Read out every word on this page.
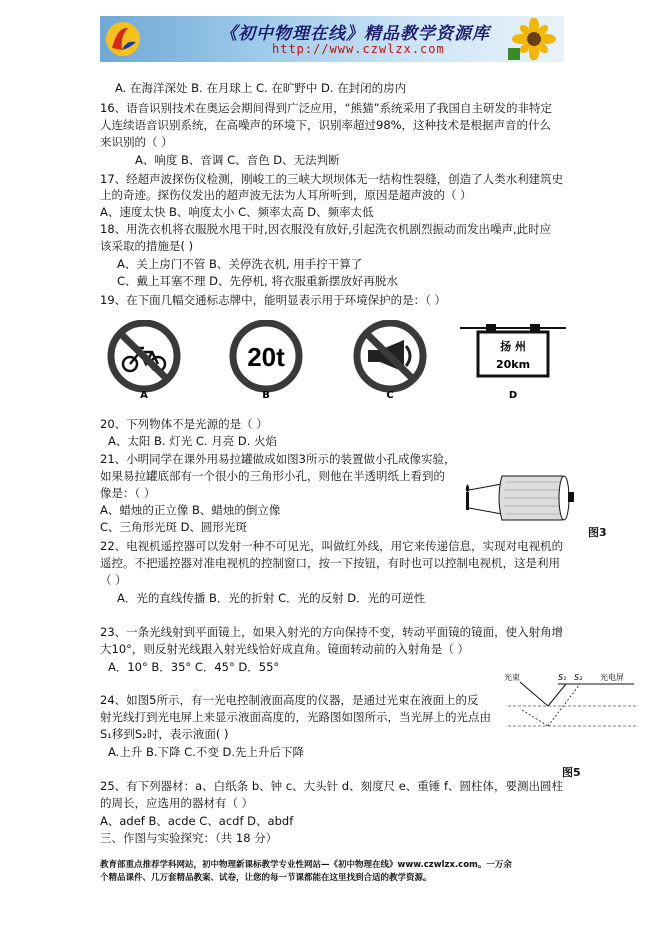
《初中物理在线》精品教学资源库
http://www.czwlzx.com
A. 在海洋深处 B. 在月球上 C. 在旷野中 D. 在封闭的房内
16、语音识别技术在奥运会期间得到广泛应用，“熊猫”系统采用了我国自主研发的非特定
人连续语音识别系统，在高噪声的环境下，识别率超过98%，这种技术是根据声音的什么
来识别的（ ）
A、响度 B、音调 C、音色 D、无法判断
17、经超声波探伤仪检测，刚峻工的三峡大坝坝体无一结构性裂缝，创造了人类水利建筑史
上的奇迹。探伤仪发出的超声波无法为人耳所听到，原因是超声波的（ ）
A、速度太快 B、响度太小 C、频率太高 D、频率太低
18、用洗衣机将衣服脱水甩干时,因衣服没有放好,引起洗衣机剧烈振动而发出噪声,此时应
该采取的措施是( )
A、关上房门不管 B、关停洗衣机, 用手拧干算了
C、戴上耳塞不理 D、先停机, 将衣服重新摆放好再脱水
19、在下面几幅交通标志牌中，能明显表示用于环境保护的是：（ ）
A
20t
B	C
扬 州
20km
D
20、下列物体不是光源的是（ ）
A、太阳 B. 灯光 C. 月亮 D. 火焰
21、小明同学在课外用易拉罐做成如图3所示的装置做小孔成像实验，
如果易拉罐底部有一个很小的三角形小孔，则他在半透明纸上看到的
像是：（ ）
A、蜡烛的正立像 B、蜡烛的倒立像
C、三角形光斑 D、圆形光斑	图3
22、电视机遥控器可以发射一种不可见光，叫做红外线，用它来传递信息，实现对电视机的
遥控。不把遥控器对准电视机的控制窗口，按一下按钮，有时也可以控制电视机，这是利用
（ ）
A．光的直线传播 B．光的折射 C．光的反射 D．光的可逆性
23、一条光线射到平面镜上，如果入射光的方向保持不变，转动平面镜的镜面，使入射角增
大10°，则反射光线跟入射光线恰好成直角。镜面转动前的入射角是（ ）
A．10° B．35° C．45° D．55°
24、如图5所示，有一光电控制液面高度的仪器，是通过光束在液面上的反
射光线打到光电屏上来显示液面高度的，光路图如图所示，当光屏上的光点由
S₁移到S₂时，表示液面( )
A.上升 B.下降 C.不变 D.先上升后下降
光束	光电屏
S₁ S₂
图5
25、有下列器材：a、白纸条 b、钟 c、大头针 d、刻度尺 e、重锤 f、圆柱体，要测出圆柱
的周长，应选用的器材有（ ）
A、adef B、acde C、acdf D、abdf
三、作图与实验探究：（共 18 分）
教育部重点推荐学科网站，初中物理新课标教学专业性网站—《初中物理在线》www.czwlzx.com。一万余
个精品课件、几万套精品教案、试卷，让您的每一节课都能在这里找到合适的教学资源。
